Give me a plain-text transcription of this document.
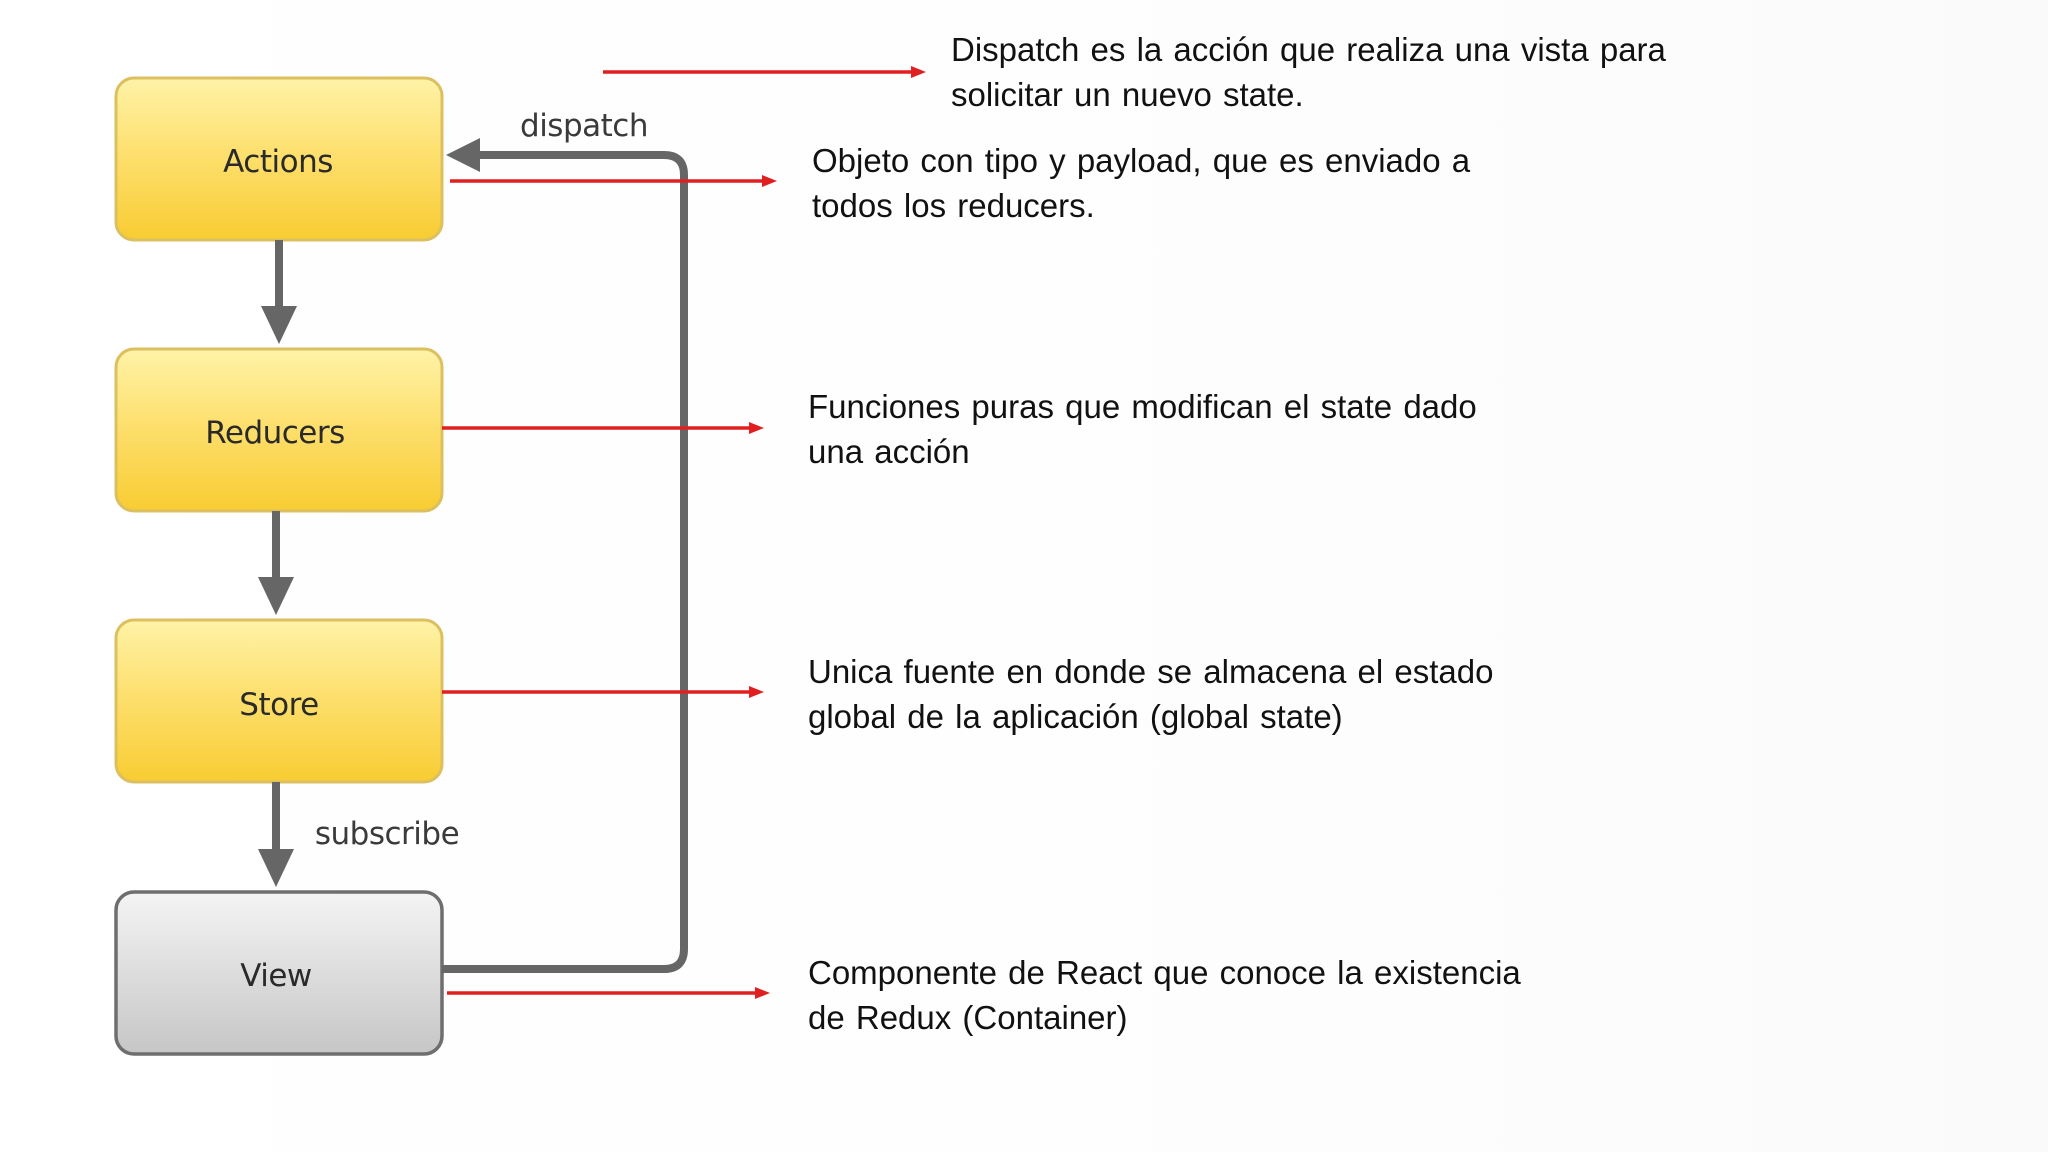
Actions
Reducers
Store
View
dispatch
subscribe

Dispatch es la acción que realiza una vista para
solicitar un nuevo state.

Objeto con tipo y payload, que es enviado a
todos los reducers.

Funciones puras que modifican el state dado
una acción

Unica fuente en donde se almacena el estado
global de la aplicación (global state)

Componente de React que conoce la existencia
de Redux (Container)
